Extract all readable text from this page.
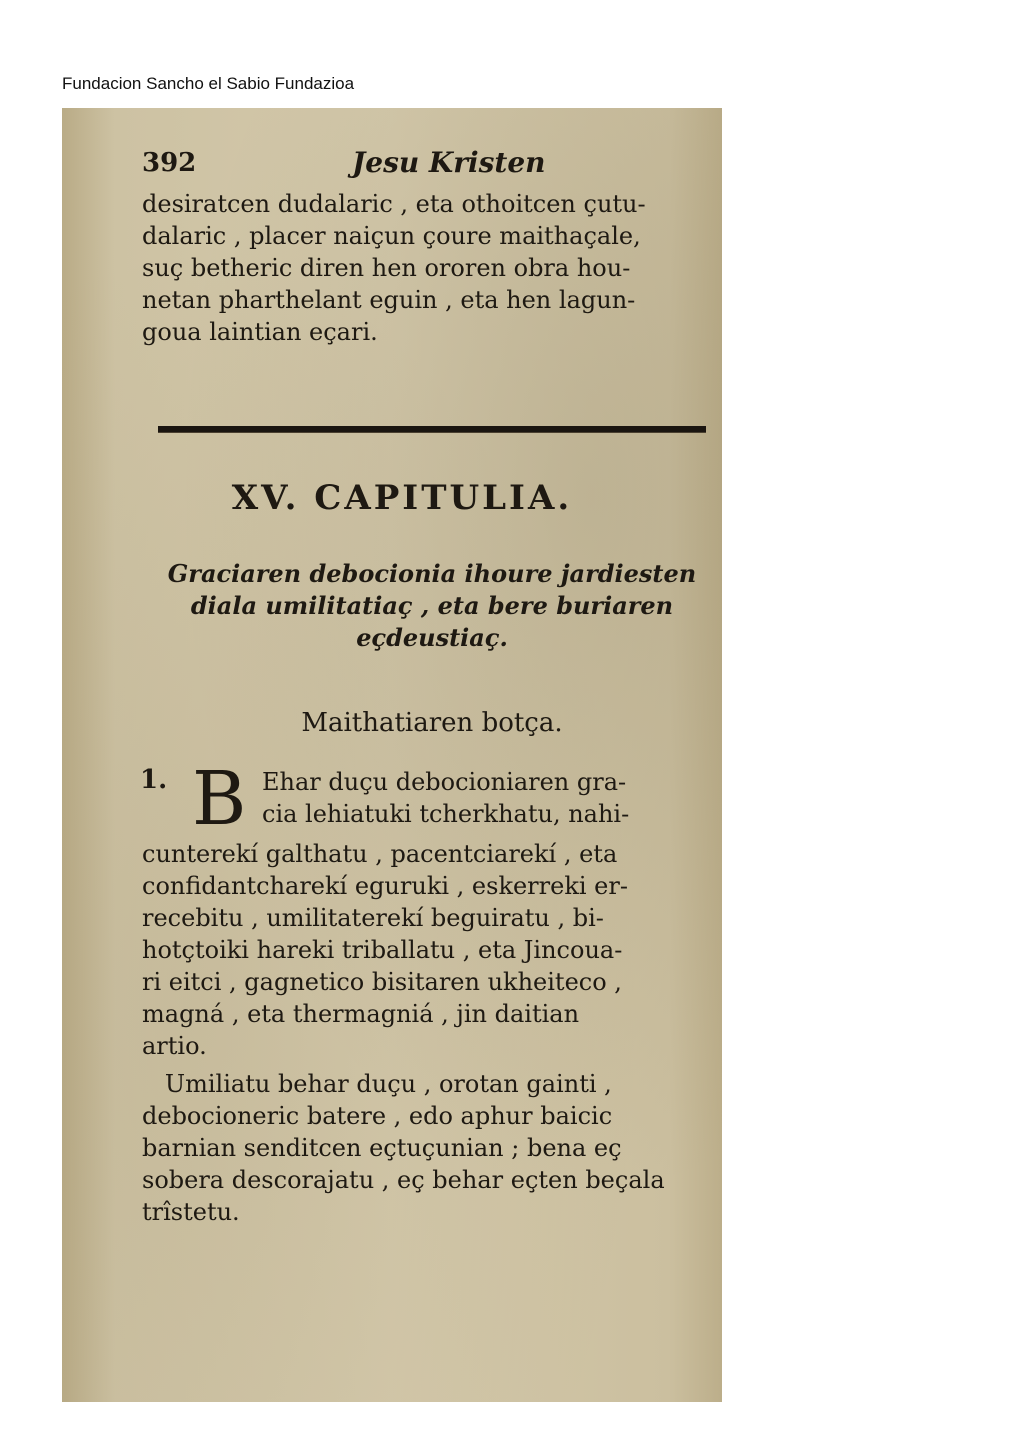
Fundacion Sancho el Sabio Fundazioa
392	Jesu Kristen
desiratcen dudalaric , eta othoitcen çutu-
dalaric , placer naiçun çoure maithaçale,
suç betheric diren hen ororen obra hou-
netan pharthelant eguin , eta hen lagun-
goua laintian eçari.
XV. CAPITULIA.
Graciaren debocionia ihoure jardiesten
diala umilitatiaç , eta bere buriaren
eçdeustiaç.
Maithatiaren botça.
1. B Ehar duçu debocioniaren gra-
cia lehiatuki tcherkhatu, nahi-
cunterekí galthatu , pacentciarekí , eta
confidantcharekí eguruki , eskerreki er-
recebitu , umilitaterekí beguiratu , bi-
hotçtoiki hareki triballatu , eta Jincoua-
ri eitci , gagnetico bisitaren ukheiteco ,
magná , eta thermagniá , jin daitian
artio.
Umiliatu behar duçu , orotan gainti ,
debocioneric batere , edo aphur baicic
barnian senditcen eçtuçunian ; bena eç
sobera descorajatu , eç behar eçten beçala
trîstetu.
